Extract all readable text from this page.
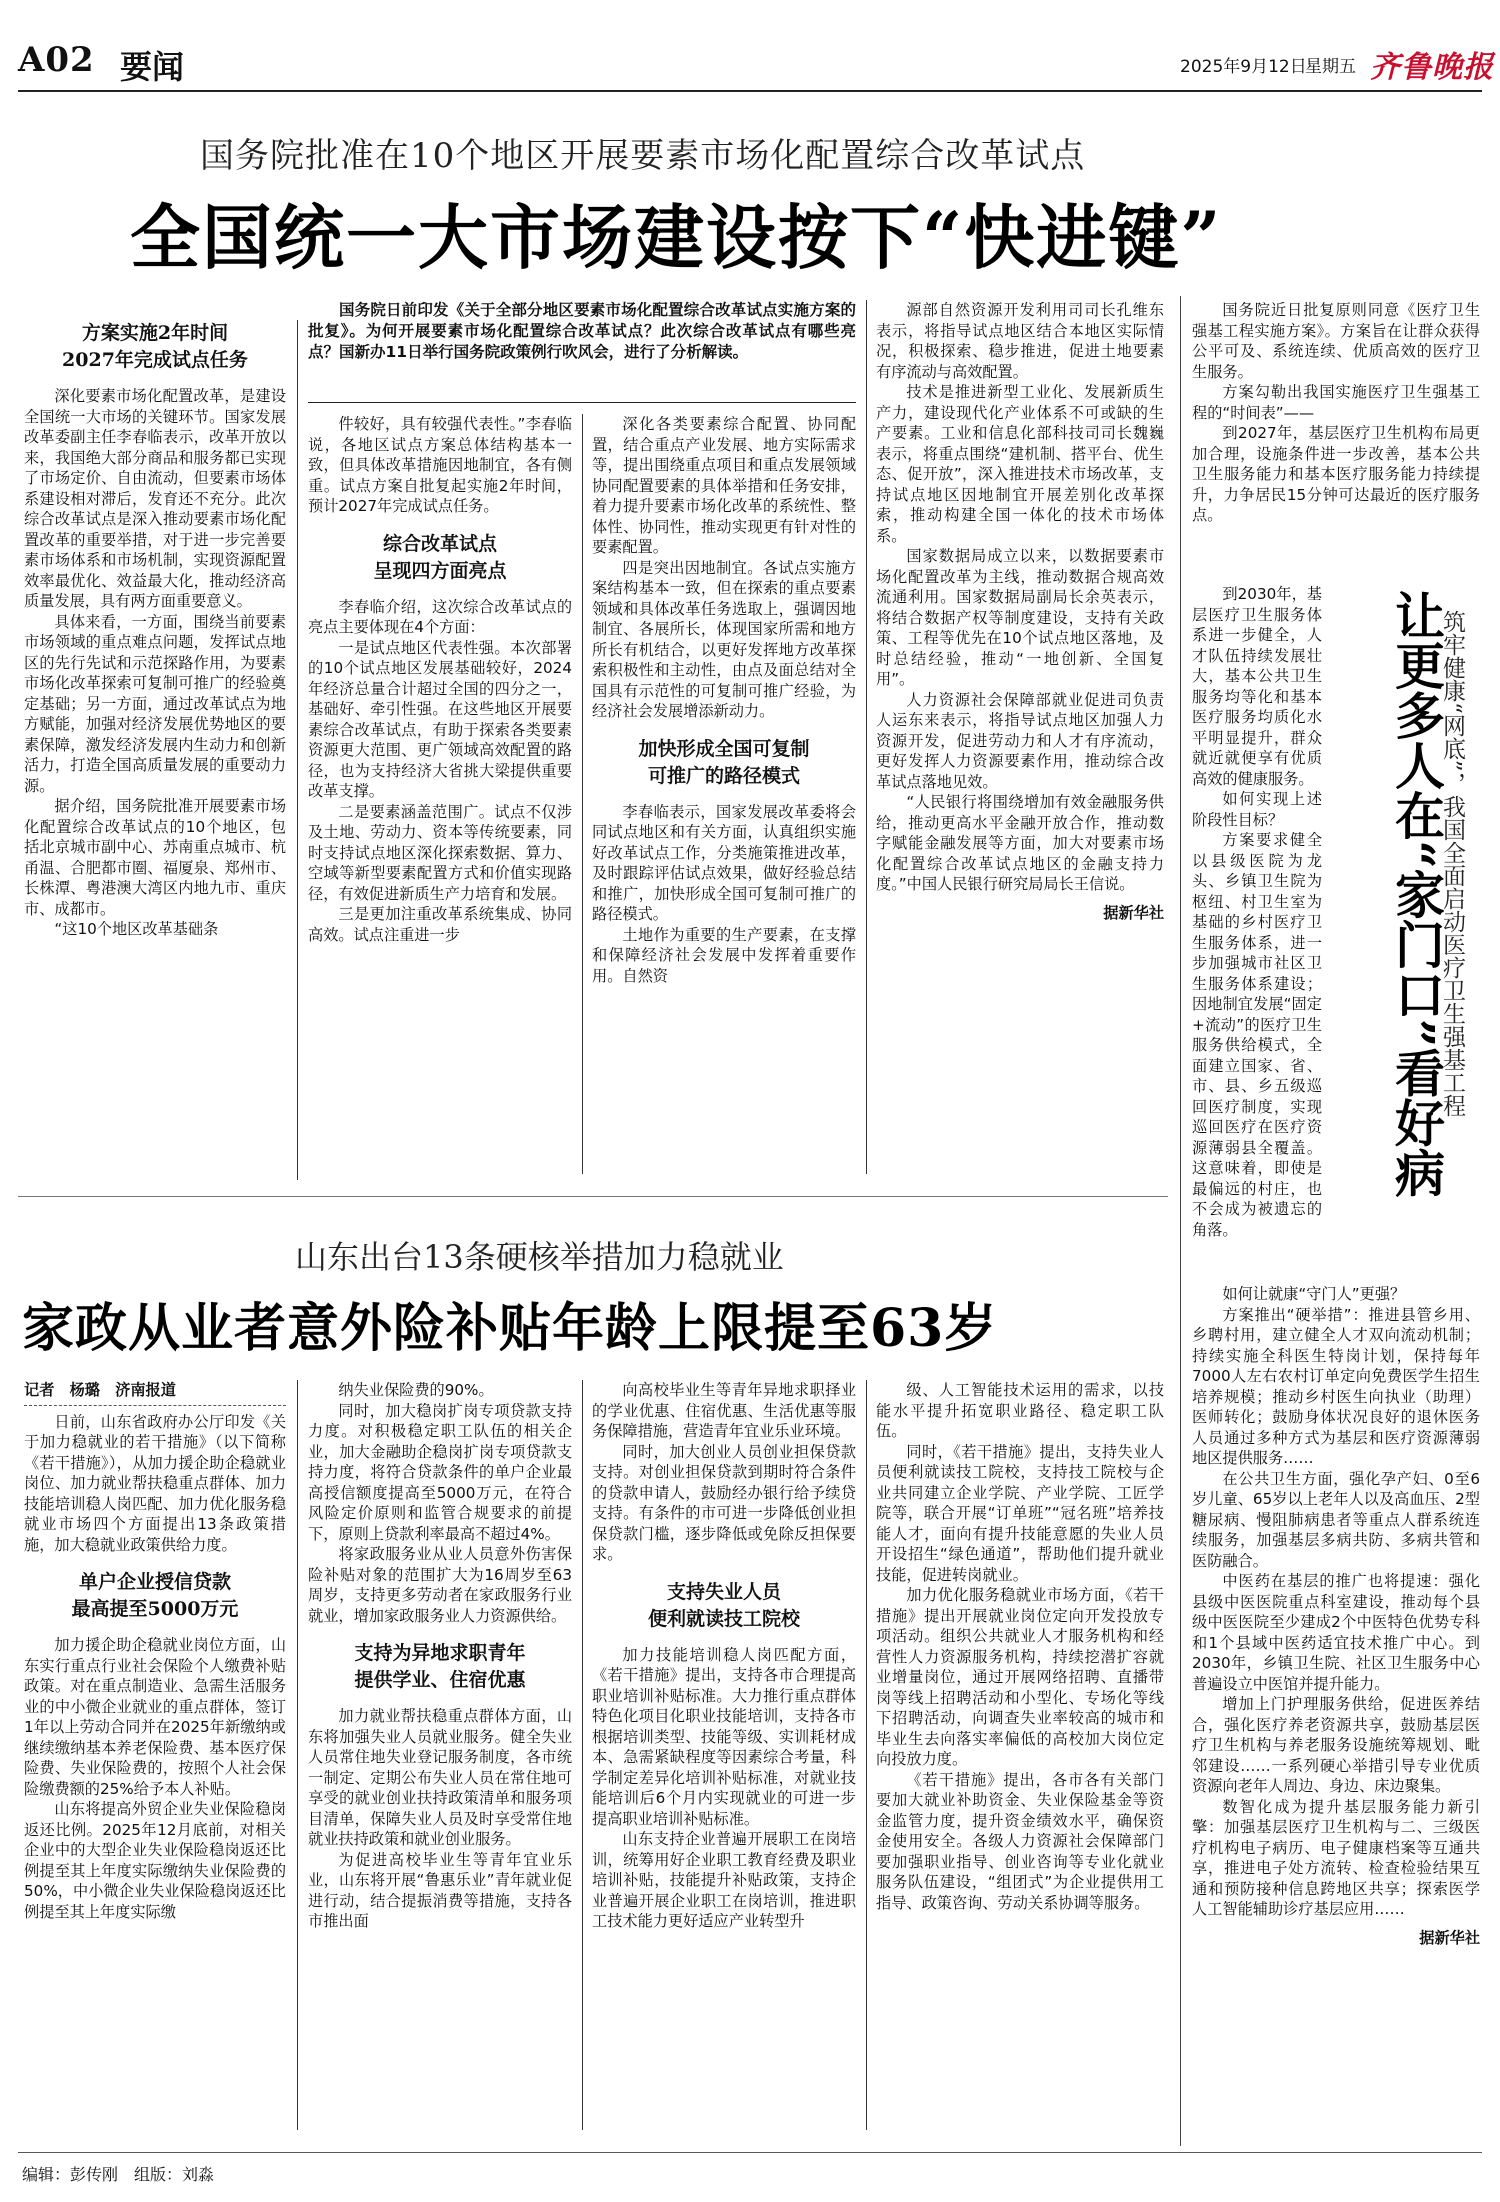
A02 要闻	2025年9月12日
星期五 齐鲁晚报
国务院批准在10个地区开展要素市场化配置综合改革试点
全国统一大市场建设按下“快进键”
国务院日前印发《关于全部分地区要素市场化配置综合改革试点实施方案的批复》。为何开展要素市场化配置综合改革试点？此次综合改革试点有哪些亮点？国新办11日举行国务院政策例行吹风会，进行了分析解读。
方案实施2年时间
2027年完成试点任务

深化要素市场化配置改革，是建设全国统一大市场的关键环节。国家发展改革委副主任李春临表示，改革开放以来，我国绝大部分商品和服务都已实现了市场定价、自由流动，但要素市场体系建设相对滞后，发育还不充分。此次综合改革试点是深入推动要素市场化配置改革的重要举措，对于进一步完善要素市场体系和市场机制，实现资源配置效率最优化、效益最大化，推动经济高质量发展，具有两方面重要意义。

具体来看，一方面，围绕当前要素市场领域的重点难点问题，发挥试点地区的先行先试和示范探路作用，为要素市场化改革探索可复制可推广的经验奠定基础；另一方面，通过改革试点为地方赋能，加强对经济发展优势地区的要素保障，激发经济发展内生动力和创新活力，打造全国高质量发展的重要动力源。

据介绍，国务院批准开展要素市场化配置综合改革试点的10个地区，包括北京城市副中心、苏南重点城市、杭甬温、合肥都市圈、福厦泉、郑州市、长株潭、粤港澳大湾区内地九市、重庆市、成都市。

“这10个地区改革基础条

件较好，具有较强代表性。”李春临说，各地区试点方案总体结构基本一致，但具体改革措施因地制宜，各有侧重。试点方案自批复起实施2年时间，预计2027年完成试点任务。

综合改革试点
呈现四方面亮点

李春临介绍，这次综合改革试点的亮点主要体现在4个方面：

一是试点地区代表性强。本次部署的10个试点地区发展基础较好，2024年经济总量合计超过全国的四分之一，基础好、牵引性强。在这些地区开展要素综合改革试点，有助于探索各类要素资源更大范围、更广领域高效配置的路径，也为支持经济大省挑大梁提供重要改革支撑。

二是要素涵盖范围广。试点不仅涉及土地、劳动力、资本等传统要素，同时支持试点地区深化探索数据、算力、空域等新型要素配置方式和价值实现路径，有效促进新质生产力培育和发展。

三是更加注重改革系统集成、协同高效。试点注重进一步

深化各类要素综合配置、协同配置，结合重点产业发展、地方实际需求等，提出围绕重点项目和重点发展领域协同配置要素的具体举措和任务安排，着力提升要素市场化改革的系统性、整体性、协同性，推动实现更有针对性的要素配置。

四是突出因地制宜。各试点实施方案结构基本一致，但在探索的重点要素领域和具体改革任务选取上，强调因地制宜、各展所长，体现国家所需和地方所长有机结合，以更好发挥地方改革探索积极性和主动性，由点及面总结对全国具有示范性的可复制可推广经验，为经济社会发展增添新动力。

加快形成全国可复制
可推广的路径模式

李春临表示，国家发展改革委将会同试点地区和有关方面，认真组织实施好改革试点工作，分类施策推进改革，及时跟踪评估试点效果，做好经验总结和推广，加快形成全国可复制可推广的路径模式。

土地作为重要的生产要素，在支撑和保障经济社会发展中发挥着重要作用。自然资

源部自然资源开发利用司司长孔维东表示，将指导试点地区结合本地区实际情况，积极探索、稳步推进，促进土地要素有序流动与高效配置。

技术是推进新型工业化、发展新质生产力，建设现代化产业体系不可或缺的生产要素。工业和信息化部科技司司长魏巍表示，将重点围绕“建机制、搭平台、优生态、促开放”，深入推进技术市场改革，支持试点地区因地制宜开展差别化改革探索，推动构建全国一体化的技术市场体系。

国家数据局成立以来，以数据要素市场化配置改革为主线，推动数据合规高效流通利用。国家数据局副局长余英表示，将结合数据产权等制度建设，支持有关政策、工程等优先在10个试点地区落地，及时总结经验，推动“一地创新、全国复用”。

人力资源社会保障部就业促进司负责人运东来表示，将指导试点地区加强人力资源开发，促进劳动力和人才有序流动，更好发挥人力资源要素作用，推动综合改革试点落地见效。

“人民银行将围绕增加有效金融服务供给，推动更高水平金融开放合作，推动数字赋能金融发展等方面，加大对要素市场化配置综合改革试点地区的金融支持力度。”中国人民银行研究局局长王信说。

据新华社

山东出台13条硬核举措加力稳就业
家政从业者意外险补贴年龄上限提至63岁
记者　杨璐　济南报道

日前，山东省政府办公厅印发《关于加力稳就业的若干措施》（以下简称《若干措施》），从加力援企助企稳就业岗位、加力就业帮扶稳重点群体、加力技能培训稳人岗匹配、加力优化服务稳就业市场四个方面提出13条政策措施，加大稳就业政策供给力度。

单户企业授信贷款
最高提至5000万元

加力援企助企稳就业岗位方面，山东实行重点行业社会保险个人缴费补贴政策。对在重点制造业、急需生活服务业的中小微企业就业的重点群体，签订1年以上劳动合同并在2025年新缴纳或继续缴纳基本养老保险费、基本医疗保险费、失业保险费的，按照个人社会保险缴费额的25%给予本人补贴。

山东将提高外贸企业失业保险稳岗返还比例。2025年12月底前，对相关企业中的大型企业失业保险稳岗返还比例提至其上年度实际缴纳失业保险费的50%，中小微企业失业保险稳岗返还比例提至其上年度实际缴

纳失业保险费的90%。

同时，加大稳岗扩岗专项贷款支持力度。对积极稳定职工队伍的相关企业，加大金融助企稳岗扩岗专项贷款支持力度，将符合贷款条件的单户企业最高授信额度提高至5000万元，在符合风险定价原则和监管合规要求的前提下，原则上贷款利率最高不超过4%。

将家政服务业从业人员意外伤害保险补贴对象的范围扩大为16周岁至63周岁，支持更多劳动者在家政服务行业就业，增加家政服务业人力资源供给。

支持为异地求职青年
提供学业、住宿优惠

加力就业帮扶稳重点群体方面，山东将加强失业人员就业服务。健全失业人员常住地失业登记服务制度，各市统一制定、定期公布失业人员在常住地可享受的就业创业扶持政策清单和服务项目清单，保障失业人员及时享受常住地就业扶持政策和就业创业服务。

为促进高校毕业生等青年宜业乐业，山东将开展“鲁惠乐业”青年就业促进行动，结合提振消费等措施，支持各市推出面

向高校毕业生等青年异地求职择业的学业优惠、住宿优惠、生活优惠等服务保障措施，营造青年宜业乐业环境。

同时，加大创业人员创业担保贷款支持。对创业担保贷款到期时符合条件的贷款申请人，鼓励经办银行给予续贷支持。有条件的市可进一步降低创业担保贷款门槛，逐步降低或免除反担保要求。

支持失业人员
便利就读技工院校

加力技能培训稳人岗匹配方面，《若干措施》提出，支持各市合理提高职业培训补贴标准。大力推行重点群体特色化项目化职业技能培训，支持各市根据培训类型、技能等级、实训耗材成本、急需紧缺程度等因素综合考量，科学制定差异化培训补贴标准，对就业技能培训后6个月内实现就业的可进一步提高职业培训补贴标准。

山东支持企业普遍开展职工在岗培训，统筹用好企业职工教育经费及职业培训补贴，技能提升补贴政策，支持企业普遍开展企业职工在岗培训，推进职工技术能力更好适应产业转型升

级、人工智能技术运用的需求，以技能水平提升拓宽职业路径、稳定职工队伍。

同时，《若干措施》提出，支持失业人员便利就读技工院校，支持技工院校与企业共同建立企业学院、产业学院、工匠学院等，联合开展“订单班”“冠名班”培养技能人才，面向有提升技能意愿的失业人员开设招生“绿色通道”，帮助他们提升就业技能，促进转岗就业。

加力优化服务稳就业市场方面，《若干措施》提出开展就业岗位定向开发投放专项活动。组织公共就业人才服务机构和经营性人力资源服务机构，持续挖潜扩容就业增量岗位，通过开展网络招聘、直播带岗等线上招聘活动和小型化、专场化等线下招聘活动，向调查失业率较高的城市和毕业生去向落实率偏低的高校加大岗位定向投放力度。

《若干措施》提出，各市各有关部门要加大就业补助资金、失业保险基金等资金监管力度，提升资金绩效水平，确保资金使用安全。各级人力资源社会保障部门要加强职业指导、创业咨询等专业化就业服务队伍建设，“组团式”为企业提供用工指导、政策咨询、劳动关系协调等服务。

国务院近日批复原则同意《医疗卫生强基工程实施方案》。方案旨在让群众获得公平可及、系统连续、优质高效的医疗卫生服务。

方案勾勒出我国实施医疗卫生强基工程的“时间表”——

到2027年，基层医疗卫生机构布局更加合理，设施条件进一步改善，基本公共卫生服务能力和基本医疗服务能力持续提升，力争居民15分钟可达最近的医疗服务点。

到2030年，基层医疗卫生服务体系进一步健全，人才队伍持续发展壮大，基本公共卫生服务均等化和基本医疗服务均质化水平明显提升，群众就近就便享有优质高效的健康服务。

如何实现上述阶段性目标？

方案要求健全以县级医院为龙头、乡镇卫生院为枢纽、村卫生室为基础的乡村医疗卫生服务体系，进一步加强城市社区卫生服务体系建设；因地制宜发展“固定+流动”的医疗卫生服务供给模式，全面建立国家、省、市、县、乡五级巡回医疗制度，实现巡回医疗在医疗资源薄弱县全覆盖。这意味着，即使是最偏远的村庄，也不会成为被遗忘的角落。

让更多人在“家门口”看好病
筑牢健康“网底”，我国全面启动医疗卫生强基工程

如何让就康“守门人”更强？

方案推出“硬举措”：推进县管乡用、乡聘村用，建立健全人才双向流动机制；持续实施全科医生特岗计划，保持每年7000人左右农村订单定向免费医学生招生培养规模；推动乡村医生向执业（助理）医师转化；鼓励身体状况良好的退休医务人员通过多种方式为基层和医疗资源薄弱地区提供服务……

在公共卫生方面，强化孕产妇、0至6岁儿童、65岁以上老年人以及高血压、2型糖尿病、慢阻肺病患者等重点人群系统连续服务，加强基层多病共防、多病共管和医防融合。

中医药在基层的推广也将提速：强化县级中医医院重点科室建设，推动每个县级中医医院至少建成2个中医特色优势专科和1个县域中医药适宜技术推广中心。到2030年，乡镇卫生院、社区卫生服务中心普遍设立中医馆并提升能力。

增加上门护理服务供给，促进医养结合，强化医疗养老资源共享，鼓励基层医疗卫生机构与养老服务设施统筹规划、毗邻建设……一系列硬心举措引导专业优质资源向老年人周边、身边、床边聚集。

数智化成为提升基层服务能力新引擎：加强基层医疗卫生机构与二、三级医疗机构电子病历、电子健康档案等互通共享，推进电子处方流转、检查检验结果互通和预防接种信息跨地区共享；探索医学人工智能辅助诊疗基层应用……

据新华社

编辑：彭传刚　组版：刘淼
